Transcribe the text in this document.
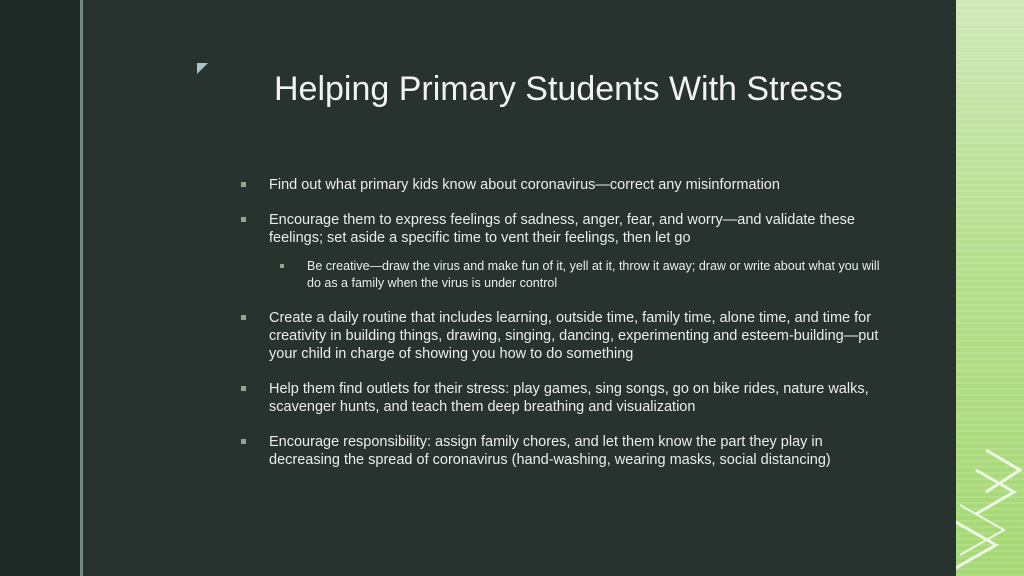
Helping Primary Students With Stress
Find out what primary kids know about coronavirus—correct any misinformation
Encourage them to express feelings of sadness, anger, fear, and worry—and validate these feelings; set aside a specific time to vent their feelings, then let go
Be creative—draw the virus and make fun of it, yell at it, throw it away; draw or write about what you will do as a family when the virus is under control
Create a daily routine that includes learning, outside time, family time, alone time, and time for creativity in building things, drawing, singing, dancing, experimenting and esteem-building—put your child in charge of showing you how to do something
Help them find outlets for their stress: play games, sing songs, go on bike rides, nature walks, scavenger hunts, and teach them deep breathing and visualization
Encourage responsibility: assign family chores, and let them know the part they play in decreasing the spread of coronavirus (hand-washing, wearing masks, social distancing)
